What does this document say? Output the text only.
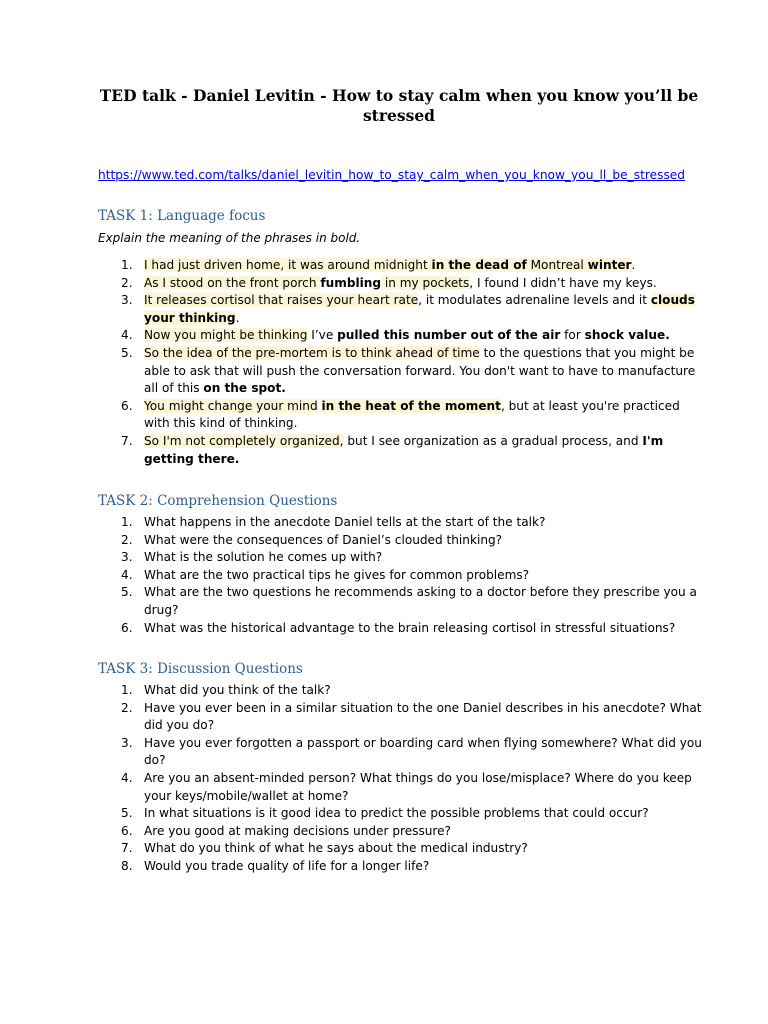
TED talk - Daniel Levitin - How to stay calm when you know you’ll be stressed
https://www.ted.com/talks/daniel_levitin_how_to_stay_calm_when_you_know_you_ll_be_stressed
TASK 1: Language focus
Explain the meaning of the phrases in bold.
1. I had just driven home, it was around midnight in the dead of Montreal winter.
2. As I stood on the front porch fumbling in my pockets, I found I didn’t have my keys.
3. It releases cortisol that raises your heart rate, it modulates adrenaline levels and it clouds your thinking.
4. Now you might be thinking I’ve pulled this number out of the air for shock value.
5. So the idea of the pre-mortem is to think ahead of time to the questions that you might be able to ask that will push the conversation forward. You don't want to have to manufacture all of this on the spot.
6. You might change your mind in the heat of the moment, but at least you're practiced with this kind of thinking.
7. So I'm not completely organized, but I see organization as a gradual process, and I'm getting there.
TASK 2: Comprehension Questions
1. What happens in the anecdote Daniel tells at the start of the talk?
2. What were the consequences of Daniel’s clouded thinking?
3. What is the solution he comes up with?
4. What are the two practical tips he gives for common problems?
5. What are the two questions he recommends asking to a doctor before they prescribe you a drug?
6. What was the historical advantage to the brain releasing cortisol in stressful situations?
TASK 3: Discussion Questions
1. What did you think of the talk?
2. Have you ever been in a similar situation to the one Daniel describes in his anecdote? What did you do?
3. Have you ever forgotten a passport or boarding card when flying somewhere? What did you do?
4. Are you an absent-minded person? What things do you lose/misplace? Where do you keep your keys/mobile/wallet at home?
5. In what situations is it good idea to predict the possible problems that could occur?
6. Are you good at making decisions under pressure?
7. What do you think of what he says about the medical industry?
8. Would you trade quality of life for a longer life?
